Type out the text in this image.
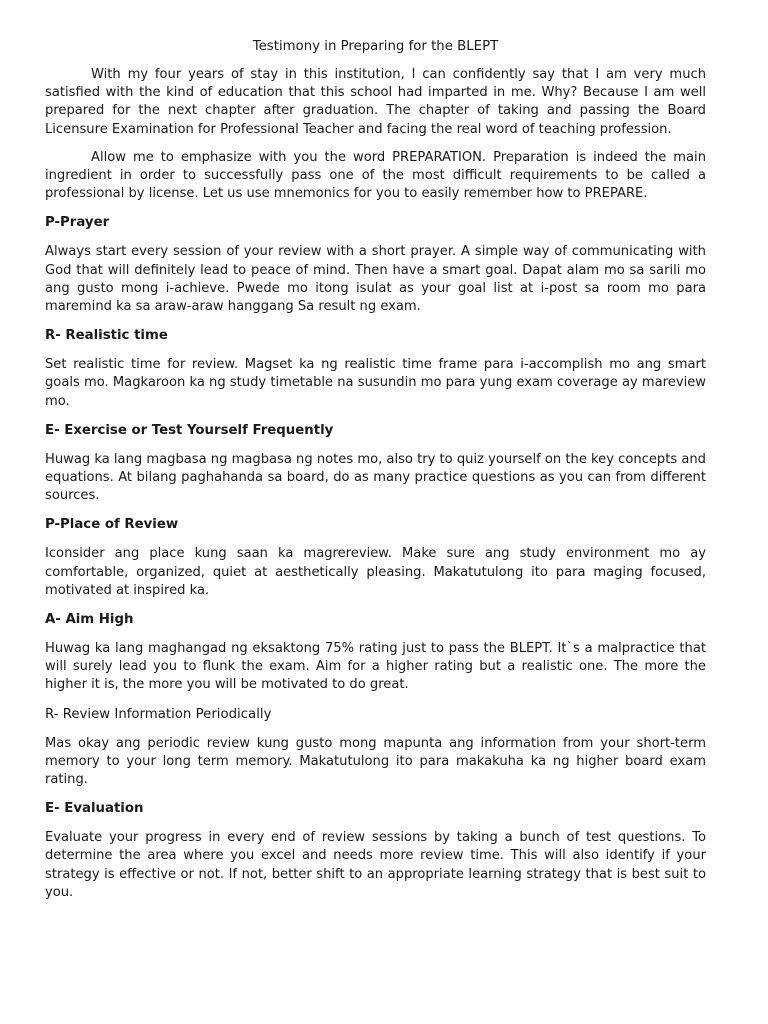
Testimony in Preparing for the BLEPT

With my four years of stay in this institution, I can confidently say that I am very much satisfied with the kind of education that this school had imparted in me. Why? Because I am well prepared for the next chapter after graduation. The chapter of taking and passing the Board Licensure Examination for Professional Teacher and facing the real word of teaching profession.

Allow me to emphasize with you the word PREPARATION. Preparation is indeed the main ingredient in order to successfully pass one of the most difficult requirements to be called a professional by license. Let us use mnemonics for you to easily remember how to PREPARE.

P-Prayer

Always start every session of your review with a short prayer. A simple way of communicating with God that will definitely lead to peace of mind. Then have a smart goal. Dapat alam mo sa sarili mo ang gusto mong i-achieve. Pwede mo itong isulat as your goal list at i-post sa room mo para maremind ka sa araw-araw hanggang Sa result ng exam.

R- Realistic time

Set realistic time for review. Magset ka ng realistic time frame para i-accomplish mo ang smart goals mo. Magkaroon ka ng study timetable na susundin mo para yung exam coverage ay mareview mo.

E- Exercise or Test Yourself Frequently

Huwag ka lang magbasa ng magbasa ng notes mo, also try to quiz yourself on the key concepts and equations. At bilang paghahanda sa board, do as many practice questions as you can from different sources.

P-Place of Review

Iconsider ang place kung saan ka magrereview. Make sure ang study environment mo ay comfortable, organized, quiet at aesthetically pleasing. Makatutulong ito para maging focused, motivated at inspired ka.

A- Aim High

Huwag ka lang maghangad ng eksaktong 75% rating just to pass the BLEPT. It`s a malpractice that will surely lead you to flunk the exam. Aim for a higher rating but a realistic one. The more the higher it is, the more you will be motivated to do great.

R- Review Information Periodically

Mas okay ang periodic review kung gusto mong mapunta ang information from your short-term memory to your long term memory. Makatutulong ito para makakuha ka ng higher board exam rating.

E- Evaluation

Evaluate your progress in every end of review sessions by taking a bunch of test questions. To determine the area where you excel and needs more review time. This will also identify if your strategy is effective or not. If not, better shift to an appropriate learning strategy that is best suit to you.
